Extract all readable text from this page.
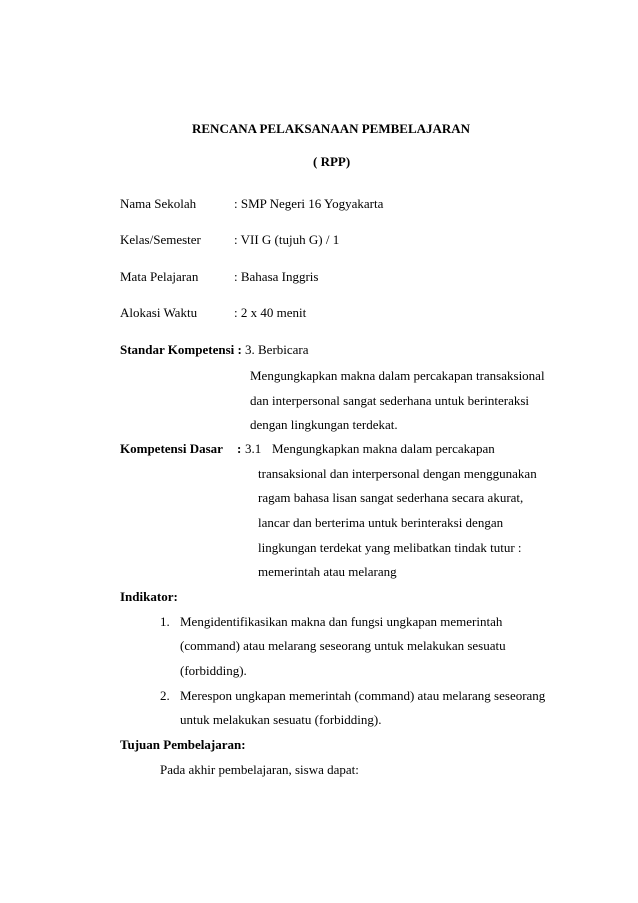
RENCANA PELAKSANAAN PEMBELAJARAN
( RPP)
Nama Sekolah	: SMP Negeri 16 Yogyakarta
Kelas/Semester	: VII G (tujuh G) / 1
Mata Pelajaran	: Bahasa Inggris
Alokasi Waktu	: 2 x 40 menit
Standar Kompetensi : 3. Berbicara
Mengungkapkan makna dalam percakapan transaksional
dan interpersonal sangat sederhana untuk berinteraksi
dengan lingkungan terdekat.
Kompetensi Dasar : 3.1 Mengungkapkan makna dalam percakapan
transaksional dan interpersonal dengan menggunakan
ragam bahasa lisan sangat sederhana secara akurat,
lancar dan berterima untuk berinteraksi dengan
lingkungan terdekat yang melibatkan tindak tutur :
memerintah atau melarang
Indikator:
1. Mengidentifikasikan makna dan fungsi ungkapan memerintah
(command) atau melarang seseorang untuk melakukan sesuatu
(forbidding).
2. Merespon ungkapan memerintah (command) atau melarang seseorang
untuk melakukan sesuatu (forbidding).
Tujuan Pembelajaran:
Pada akhir pembelajaran, siswa dapat:
